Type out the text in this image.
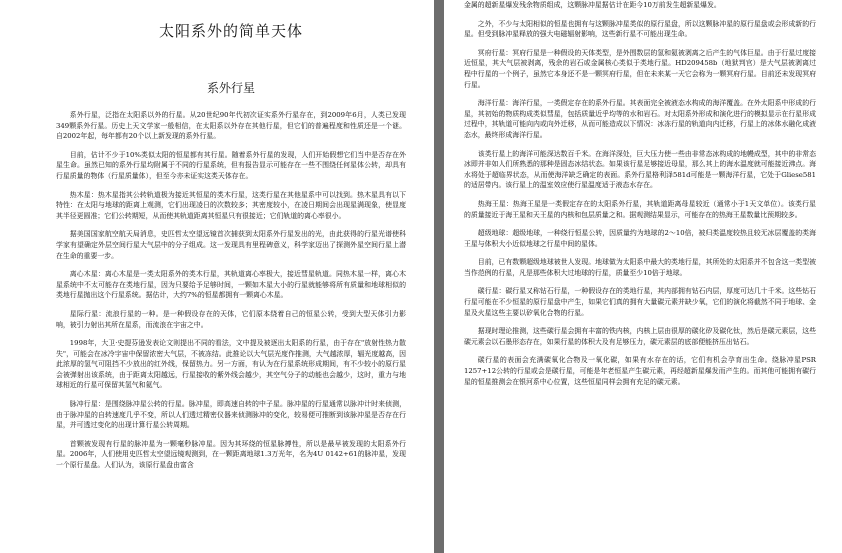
太阳系外的简单天体
系外行星

系外行星，泛指在太阳系以外的行星。从20世纪90年代初次证实系外行星存在，到2009年6月，人类已发现349颗系外行星。历史上天文学家一般相信，在太阳系以外存在其他行星，但它们的普遍程度和性质还是一个谜。自2002年起，每年都有20个以上新发现的系外行星。

目前，估计不少于10%类似太阳的恒星都有其行星。随着系外行星的发现，人们开始假想它们当中是否存在外星生命。虽然已知的系外行星均附属于不同的行星系统，但有报告显示可能存在一些不围绕任何星体公转，却具有行星质量的物体（行星质量体），但至今亦未证实这类天体存在。

热木星：热木星指其公转轨道极为接近其恒星的类木行星，这类行星在其他星系中可以找到。热木星具有以下特性：在太阳与地球的距离上观测，它们出现凌日的次数较多；其密度较小，在凌日期间会出现星满现象，使显度其半径更圆准；它们公转期短，从而使其轨道距离其恒星只有很接近；它们轨道的离心率很小。

据美国国家航空航天局消息，史匹哲太空望远镜首次捕获到太阳系外行星发出的光，由此获得的行星光谱使科学家有望确定外层空间行星大气层中的分子组成。这一发现具有里程碑意义，科学家迈出了探测外星空间行星上潜在生命的重要一步。

离心木星：离心木星是一类太阳系外的类木行星，其轨道离心率极大，接近彗星轨道。同热木星一样，离心木星系统中不太可能存在类地行星，因为只要给予足够时间，一颗如木星大小的行星就能够将所有质量和地球相似的类地行星抛出这个行星系统。据估计，大约7%的恒星都拥有一颗离心木星。

星际行星：流浪行星的一种。是一种假设存在的天体，它们原本绕着自己的恒星公转，受到大型天体引力影响，被引力射出其所在星系，而流浪在宇宙之中。

1998年，大卫·史提芬逊发表论文则提出不同的看法，文中提及被逐出太阳系的行星，由于存在"放射性热力散失"，可能会在冰冷宇宙中保留浓密大气层，不被冻结。此推论以大气层光度作推测，大气越浓厚，辐光度越高，因此浓厚的氢气可阻挡不少放出的红外线，保留热力。另一方面，有认为在行星系统形成期间，有不少较小的原行星会被弹射出该系统，由于距离太阳越远，行星接收的紫外线会越少，其空气分子的动能也会越少，这时，重力与地球相近的行星可保留其氢气和氦气。

脉冲行星：是围绕脉冲星公转的行星。脉冲星，即高速自转的中子星。脉冲星的行星通常以脉冲计时来侦测，由于脉冲星的自转速度几乎不变，所以人们透过精密仪器来侦测脉冲的变化，较易便可推断到该脉冲星是否存在行星，并可透过变化的出现计算行星公转周期。

首颗被发现有行星的脉冲星为一颗毫秒脉冲星。因为其环绕的恒星脉搏性，所以是最早被发现的太阳系外行星。2006年，人们使用史匹哲太空望远镜观测到，在一颗距离地球1.3万光年，名为4U 0142+61的脉冲星，发现一个原行星盘。人们认为，该原行星盘由富含

金属的超新星爆发残余物质组成，这颗脉冲星据估计在距今10万前发生超新星爆发。

之外，不少与太阳相似的恒星也拥有与这颗脉冲星类似的原行星盘，所以这颗脉冲星的原行星盘或会形成新的行星。但受到脉冲星释放的强大电磁辐射影响，这些新行星不可能出现生命。

冥府行星：冥府行星是一种假设的天体类型，是外围数层的氢和氦被剥离之后产生的气体巨星。由于行星过度接近恒星，其大气层被剥离，残余的岩石或金属核心类似于类地行星。HD209458b（地狱判官）是大气层被剥离过程中行星的一个例子，虽然它本身还不是一颗冥府行星，但在未来某一天它会称为一颗冥府行星。目前还未发现冥府行星。

海洋行星：海洋行星，一类假定存在的系外行星。其表面完全被液态水构成的海洋覆盖。在外太阳系中形成的行星，其初始的物质构成类似彗星，包括质量近乎均等的水和岩石。对太阳系外形成和演化进行的模拟显示在行星形成过程中，其轨道可能向内或向外迁移，从而可能造成以下情况：冰冻行星的轨道向内迁移，行星上的冰体水融化成液态水，最终形成海洋行星。

该类行星上的海洋可能深达数百千米。在海洋深处，巨大压力使一些由非常态冰构成的地幔成型，其中的非常态冰即并非如人们所熟悉的那种是固态冰结状态。如果该行星足够接近母星，那么其上的海水温度就可能接近沸点。海水将处于超临界状态，从而使海洋缺乏确定的表面。系外行星格利泽581d可能是一颗海洋行星，它处于Gliese581的适居带内。该行星上的温室效应使行星温度适于液态水存在。

热海王星：热海王星是一类假定存在的太阳系外行星，其轨道距离母星较近（通常小于1天文单位）。该类行星的质量接近于海王星和天王星的内核和包层质量之和。据观测结果显示，可能存在的热海王星数量比预期较多。

超级地球：超级地球，一种绕行恒星公转，因质量约为地球的2～10倍，被归类温度较热且较无冰层覆盖的类海王星与体积大小近似地球之行星中间的星体。

目前，已有数颗超级地球被世人发现。地球做为太阳系中最大的类地行星，其所处的太阳系并不包含这一类型被当作范例的行星，凡是那些体积大过地球的行星，质量至少10倍于地球。

碳行星：碳行星又称钻石行星，一种假设存在的类地行星，其内部拥有钻石内层，厚度可达几十千米。这些钻石行星可能在不少恒星的原行星盘中产生，如果它们真的拥有大量碳元素并缺少氧，它们的演化将截然不同于地球、金星及火星这些主要以矽氧化合物的行星。

据现时理论推测，这些碳行星会拥有丰富的铁内核，内核上层由很厚的碳化矽及碳化钛，然后是碳元素层，这些碳元素会以石墨形态存在，如果行星的体积大及有足够压力，碳元素层的底部便能挤压出钻石。

碳行星的表面会充满碳氧化合物及一氧化碳，如果有水存在的话，它们有机会孕育出生命。绕脉冲星PSR 1257+12公转的行星或会是碳行星，可能是年老恒星产生碳元素，再经超新星爆发而产生的。而其他可能拥有碳行星的恒星推测会在银河系中心位置，这些恒星同样会拥有充足的碳元素。
